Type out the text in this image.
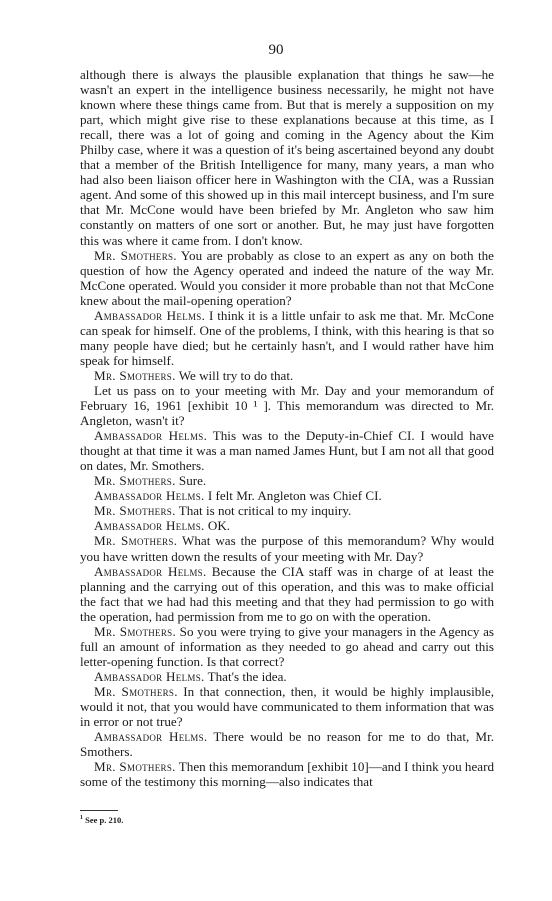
90

although there is always the plausible explanation that things he saw—he wasn't an expert in the intelligence business necessarily, he might not have known where these things came from. But that is merely a supposition on my part, which might give rise to these explanations because at this time, as I recall, there was a lot of going and coming in the Agency about the Kim Philby case, where it was a question of it's being ascertained beyond any doubt that a member of the British Intelligence for many, many years, a man who had also been liaison officer here in Washington with the CIA, was a Russian agent. And some of this showed up in this mail intercept business, and I'm sure that Mr. McCone would have been briefed by Mr. Angleton who saw him constantly on matters of one sort or another. But, he may just have forgotten this was where it came from. I don't know.

Mr. Smothers. You are probably as close to an expert as any on both the question of how the Agency operated and indeed the nature of the way Mr. McCone operated. Would you consider it more probable than not that McCone knew about the mail-opening operation?

Ambassador Helms. I think it is a little unfair to ask me that. Mr. McCone can speak for himself. One of the problems, I think, with this hearing is that so many people have died; but he certainly hasn't, and I would rather have him speak for himself.

Mr. Smothers. We will try to do that.

Let us pass on to your meeting with Mr. Day and your memorandum of February 16, 1961 [exhibit 10 ¹ ]. This memorandum was directed to Mr. Angleton, wasn't it?

Ambassador Helms. This was to the Deputy-in-Chief CI. I would have thought at that time it was a man named James Hunt, but I am not all that good on dates, Mr. Smothers.

Mr. Smothers. Sure.

Ambassador Helms. I felt Mr. Angleton was Chief CI.

Mr. Smothers. That is not critical to my inquiry.

Ambassador Helms. OK.

Mr. Smothers. What was the purpose of this memorandum? Why would you have written down the results of your meeting with Mr. Day?

Ambassador Helms. Because the CIA staff was in charge of at least the planning and the carrying out of this operation, and this was to make official the fact that we had had this meeting and that they had permission to go with the operation, had permission from me to go on with the operation.

Mr. Smothers. So you were trying to give your managers in the Agency as full an amount of information as they needed to go ahead and carry out this letter-opening function. Is that correct?

Ambassador Helms. That's the idea.

Mr. Smothers. In that connection, then, it would be highly implausible, would it not, that you would have communicated to them information that was in error or not true?

Ambassador Helms. There would be no reason for me to do that, Mr. Smothers.

Mr. Smothers. Then this memorandum [exhibit 10]—and I think you heard some of the testimony this morning—also indicates that

$^1$ See p. 210.
